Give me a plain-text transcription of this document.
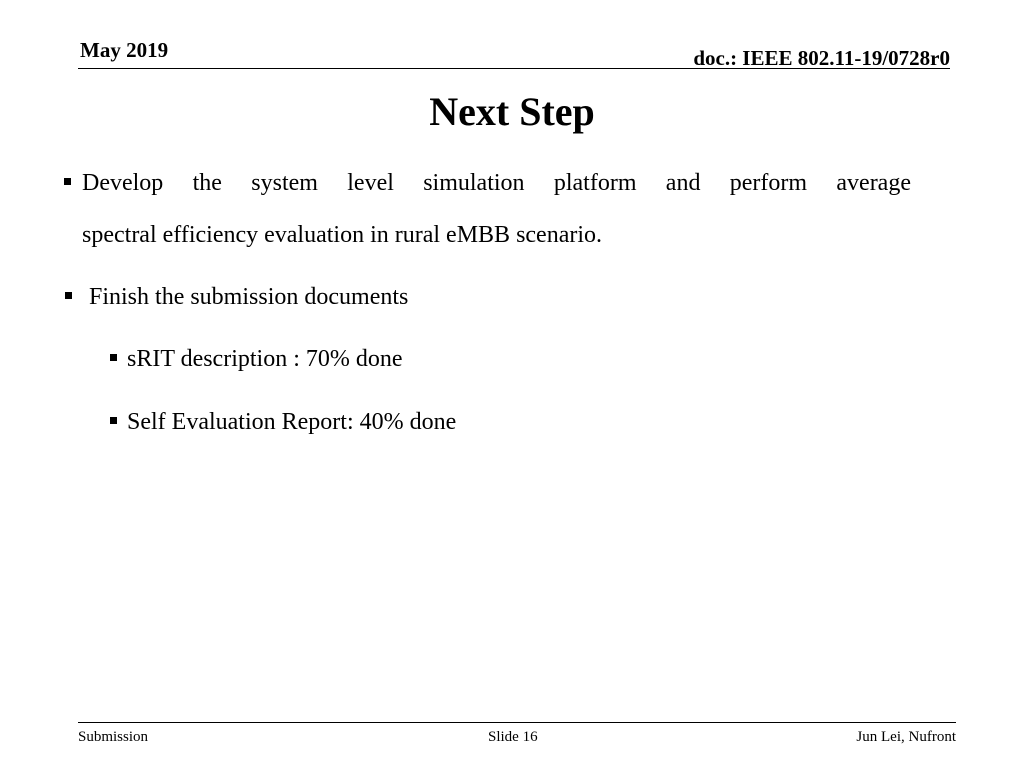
May 2019	doc.: IEEE 802.11-19/0728r0
Next Step
Develop the system level simulation platform and perform average
spectral efficiency evaluation in rural eMBB scenario.
Finish the submission documents
sRIT description : 70% done
Self Evaluation Report: 40% done
Submission	Slide 16	Jun Lei, Nufront
